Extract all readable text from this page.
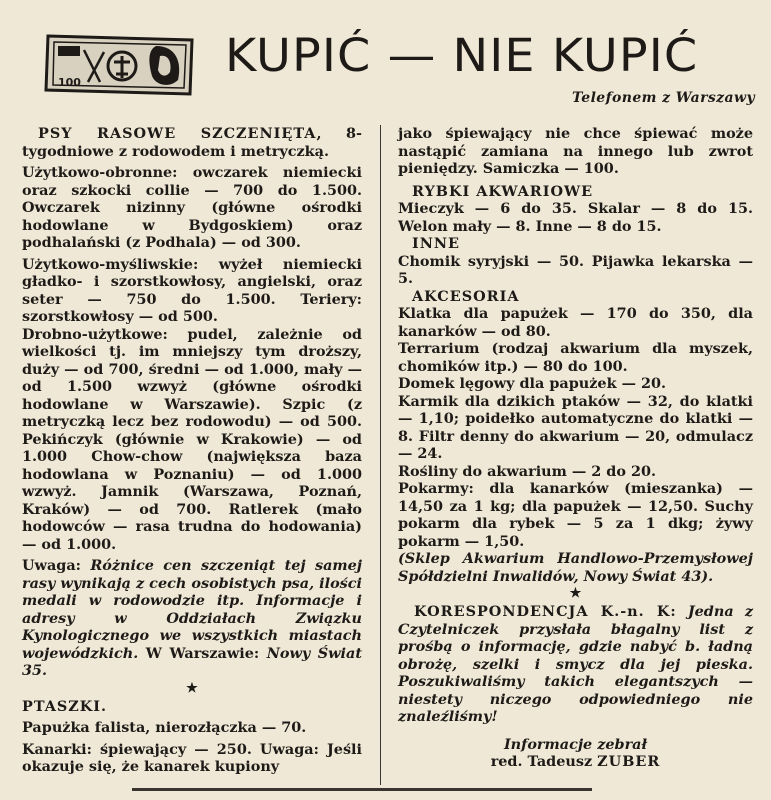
100
KUPIĆ — NIE KUPIĆ
Telefonem z Warszawy

PSY RASOWE SZCZENIĘTA, 8-tygodniowe z rodowodem i metryczką.

Użytkowo-obronne: owczarek niemiecki oraz szkocki collie — 700 do 1.500. Owczarek nizinny (główne ośrodki hodowlane w Bydgoskiem) oraz podhalański (z Podhala) — od 300.

Użytkowo-myśliwskie: wyżeł niemiecki gładko- i szorstkowłosy, angielski, oraz seter — 750 do 1.500. Teriery: szorstkowłosy — od 500.

Drobno-użytkowe: pudel, zależnie od wielkości tj. im mniejszy tym droższy, duży — od 700, średni — od 1.000, mały — od 1.500 wzwyż (główne ośrodki hodowlane w Warszawie). Szpic (z metryczką lecz bez rodowodu) — od 500. Pekińczyk (głównie w Krakowie) — od 1.000 Chow-chow (największa baza hodowlana w Poznaniu) — od 1.000 wzwyż. Jamnik (Warszawa, Poznań, Kraków) — od 700. Ratlerek (mało hodowców — rasa trudna do hodowania) — od 1.000.

Uwaga: Różnice cen szczeniąt tej samej rasy wynikają z cech osobistych psa, ilości medali w rodowodzie itp. Informacje i adresy w Oddziałach Związku Kynologicznego we wszystkich miastach wojewódzkich. W Warszawie: Nowy Świat 35.

★

PTASZKI.

Papużka falista, nierozłączka — 70.

Kanarki: śpiewający — 250. Uwaga: Jeśli okazuje się, że kanarek kupiony

jako śpiewający nie chce śpiewać może nastąpić zamiana na innego lub zwrot pieniędzy. Samiczka — 100.

RYBKI AKWARIOWE

Mieczyk — 6 do 35. Skalar — 8 do 15. Welon mały — 8. Inne — 8 do 15.

INNE

Chomik syryjski — 50. Pijawka lekarska — 5.

AKCESORIA

Klatka dla papużek — 170 do 350, dla kanarków — od 80.

Terrarium (rodzaj akwarium dla myszek, chomików itp.) — 80 do 100.

Domek lęgowy dla papużek — 20.

Karmik dla dzikich ptaków — 32, do klatki — 1,10; poidełko automatyczne do klatki — 8. Filtr denny do akwarium — 20, odmulacz — 24.

Rośliny do akwarium — 2 do 20.

Pokarmy: dla kanarków (mieszanka) — 14,50 za 1 kg; dla papużek — 12,50. Suchy pokarm dla rybek — 5 za 1 dkg; żywy pokarm — 1,50.

(Sklep Akwarium Handlowo-Przemysłowej Spółdzielni Inwalidów, Nowy Świat 43).

★

KORESPONDENCJA K.-n. K: Jedna z Czytelniczek przysłała błagalny list z prośbą o informację, gdzie nabyć b. ładną obrożę, szelki i smycz dla jej pieska. Poszukiwaliśmy takich elegantszych — niestety niczego odpowiedniego nie znaleźliśmy!

Informacje zebrał

red. Tadeusz ZUBER
